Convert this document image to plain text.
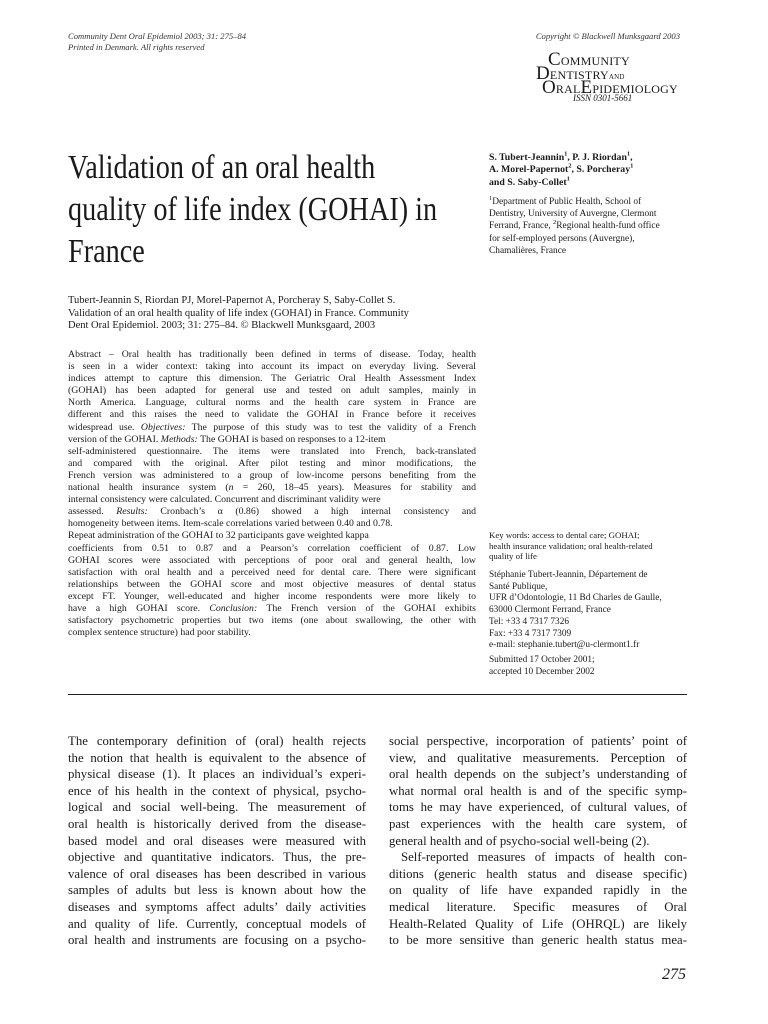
Community Dent Oral Epidemiol 2003; 31: 275–84
Printed in Denmark. All rights reserved
Copyright © Blackwell Munksgaard 2003
COMMUNITY
DENTISTRYAND
ORALEPIDEMIOLOGY
ISSN 0301-5661
Validation of an oral health
quality of life index (GOHAI) in
France
S. Tubert-Jeannin$^1$, P. J. Riordan$^1$,
A. Morel-Papernot$^2$, S. Porcheray$^1$
and S. Saby-Collet$^1$
$^1$Department of Public Health, School of
Dentistry, University of Auvergne, Clermont
Ferrand, France, $^2$Regional health-fund office
for self-employed persons (Auvergne),
Chamalières, France
Tubert-Jeannin S, Riordan PJ, Morel-Papernot A, Porcheray S, Saby-Collet S.
Validation of an oral health quality of life index (GOHAI) in France. Community
Dent Oral Epidemiol. 2003; 31: 275–84. © Blackwell Munksgaard, 2003
Abstract – Oral health has traditionally been defined in terms of disease. Today, health
is seen in a wider context: taking into account its impact on everyday living. Several
indices attempt to capture this dimension. The Geriatric Oral Health Assessment Index
(GOHAI) has been adapted for general use and tested on adult samples, mainly in
North America. Language, cultural norms and the health care system in France are
different and this raises the need to validate the GOHAI in France before it receives
widespread use. Objectives: The purpose of this study was to test the validity of a French
version of the GOHAI. Methods: The GOHAI is based on responses to a 12-item
self-administered questionnaire. The items were translated into French, back-translated
and compared with the original. After pilot testing and minor modifications, the
French version was administered to a group of low-income persons benefiting from the
national health insurance system (n = 260, 18–45 years). Measures for stability and
internal consistency were calculated. Concurrent and discriminant validity were
assessed. Results: Cronbach’s α (0.86) showed a high internal consistency and
homogeneity between items. Item-scale correlations varied between 0.40 and 0.78.
Repeat administration of the GOHAI to 32 participants gave weighted kappa
coefficients from 0.51 to 0.87 and a Pearson’s correlation coefficient of 0.87. Low
GOHAI scores were associated with perceptions of poor oral and general health, low
satisfaction with oral health and a perceived need for dental care. There were significant
relationships between the GOHAI score and most objective measures of dental status
except FT. Younger, well-educated and higher income respondents were more likely to
have a high GOHAI score. Conclusion: The French version of the GOHAI exhibits
satisfactory psychometric properties but two items (one about swallowing, the other with
complex sentence structure) had poor stability.
Key words: access to dental care; GOHAI;
health insurance validation; oral health-related
quality of life
Stéphanie Tubert-Jeannin, Département de
Santé Publique,
UFR d’Odontologie, 11 Bd Charles de Gaulle,
63000 Clermont Ferrand, France
Tel: +33 4 7317 7326
Fax: +33 4 7317 7309
e-mail: stephanie.tubert@u-clermont1.fr
Submitted 17 October 2001;
accepted 10 December 2002
The contemporary definition of (oral) health rejects
the notion that health is equivalent to the absence of
physical disease (1). It places an individual’s experi-
ence of his health in the context of physical, psycho-
logical and social well-being. The measurement of
oral health is historically derived from the disease-
based model and oral diseases were measured with
objective and quantitative indicators. Thus, the pre-
valence of oral diseases has been described in various
samples of adults but less is known about how the
diseases and symptoms affect adults’ daily activities
and quality of life. Currently, conceptual models of
oral health and instruments are focusing on a psycho-
social perspective, incorporation of patients’ point of
view, and qualitative measurements. Perception of
oral health depends on the subject’s understanding of
what normal oral health is and of the specific symp-
toms he may have experienced, of cultural values, of
past experiences with the health care system, of
general health and of psycho-social well-being (2).
Self-reported measures of impacts of health con-
ditions (generic health status and disease specific)
on quality of life have expanded rapidly in the
medical literature. Specific measures of Oral
Health-Related Quality of Life (OHRQL) are likely
to be more sensitive than generic health status mea-
275
